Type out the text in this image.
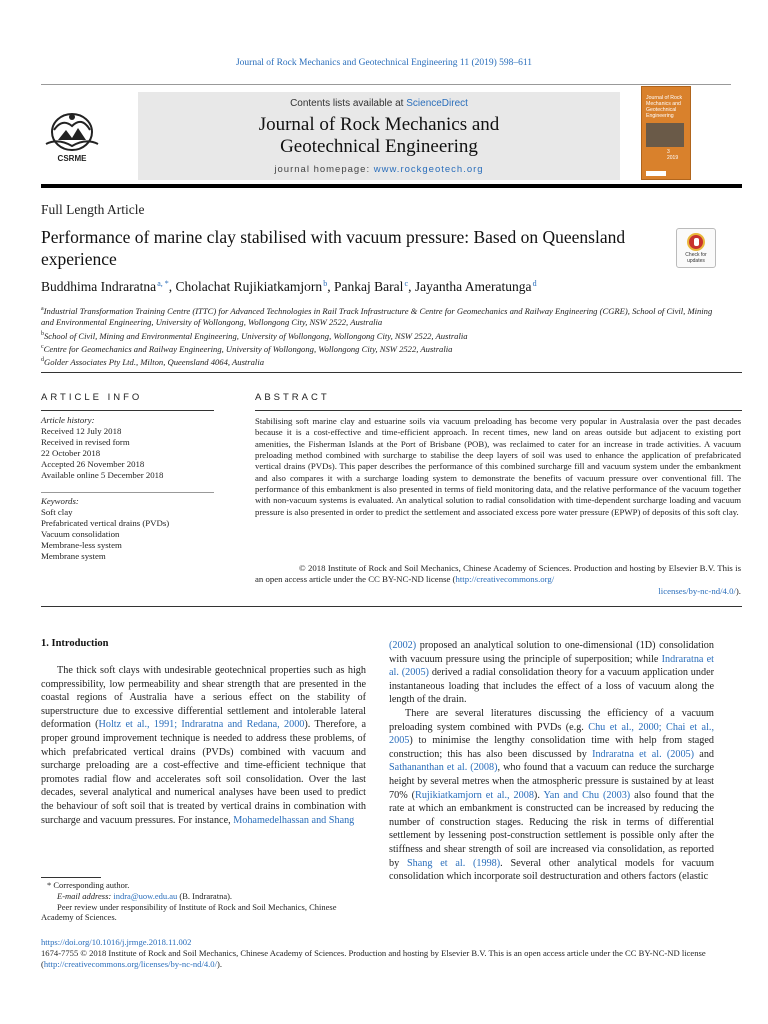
Journal of Rock Mechanics and Geotechnical Engineering 11 (2019) 598–611
CSRME
Contents lists available at ScienceDirect
Journal of Rock Mechanics and
Geotechnical Engineering
journal homepage: www.rockgeotech.org
Journal of Rock Mechanics and Geotechnical Engineering
3
2019
Full Length Article
Performance of marine clay stabilised with vacuum pressure: Based on Queensland experience	Check for updates
Buddhima Indraratna $^{a, *}$, Cholachat Rujikiatkamjorn $^b$, Pankaj Baral $^c$, Jayantha Ameratunga $^d$
$^a$Industrial Transformation Training Centre (ITTC) for Advanced Technologies in Rail Track Infrastructure & Centre for Geomechanics and Railway Engineering (CGRE), School of Civil, Mining and Environmental Engineering, University of Wollongong, Wollongong City, NSW 2522, Australia
$^b$School of Civil, Mining and Environmental Engineering, University of Wollongong, Wollongong City, NSW 2522, Australia
$^c$Centre for Geomechanics and Railway Engineering, University of Wollongong, Wollongong City, NSW 2522, Australia
$^d$Golder Associates Pty Ltd., Milton, Queensland 4064, Australia
ARTICLE INFO	ABSTRACT
Article history:
Received 12 July 2018
Received in revised form
22 October 2018
Accepted 26 November 2018
Available online 5 December 2018
Keywords:
Soft clay
Prefabricated vertical drains (PVDs)
Vacuum consolidation
Membrane-less system
Membrane system
Stabilising soft marine clay and estuarine soils via vacuum preloading has become very popular in Australasia over the past decades because it is a cost-effective and time-efficient approach. In recent times, new land on areas outside but adjacent to existing port amenities, the Fisherman Islands at the Port of Brisbane (POB), was reclaimed to cater for an increase in trade activities. A vacuum preloading method combined with surcharge to stabilise the deep layers of soil was used to enhance the application of prefabricated vertical drains (PVDs). This paper describes the performance of this combined surcharge fill and vacuum system under the embankment and also compares it with a surcharge loading system to demonstrate the benefits of vacuum pressure over conventional fill. The performance of this embankment is also presented in terms of field monitoring data, and the relative performance of the vacuum together with non-vacuum systems is evaluated. An analytical solution to radial consolidation with time-dependent surcharge loading and vacuum pressure is also presented in order to predict the settlement and associated excess pore water pressure (EPWP) of deposits of this soft clay.
© 2018 Institute of Rock and Soil Mechanics, Chinese Academy of Sciences. Production and hosting by Elsevier B.V. This is an open access article under the CC BY-NC-ND license (http://creativecommons.org/
licenses/by-nc-nd/4.0/).
1. Introduction
The thick soft clays with undesirable geotechnical properties such as high compressibility, low permeability and shear strength that are presented in the coastal regions of Australia have a serious effect on the stability of superstructure due to excessive differential settlement and intolerable lateral deformation (Holtz et al., 1991; Indraratna and Redana, 2000). Therefore, a proper ground improvement technique is needed to address these problems, of which prefabricated vertical drains (PVDs) combined with vacuum and surcharge preloading are a cost-effective and time-efficient technique that promotes radial flow and accelerates soft soil consolidation. Over the last decades, several analytical and numerical analyses have been used to predict the behaviour of soft soil that is treated by vertical drains in combination with surcharge and vacuum pressures. For instance, Mohamedelhassan and Shang

(2002) proposed an analytical solution to one-dimensional (1D) consolidation with vacuum pressure using the principle of superposition; while Indraratna et al. (2005) derived a radial consolidation theory for a vacuum application under instantaneous loading that includes the effect of a loss of vacuum along the length of the drain.

There are several literatures discussing the efficiency of a vacuum preloading system combined with PVDs (e.g. Chu et al., 2000; Chai et al., 2005) to minimise the lengthy consolidation time with help from staged construction; this has also been discussed by Indraratna et al. (2005) and Sathananthan et al. (2008), who found that a vacuum can reduce the surcharge height by several metres when the atmospheric pressure is sustained by at least 70% (Rujikiatkamjorn et al., 2008). Yan and Chu (2003) also found that the rate at which an embankment is constructed can be increased by reducing the number of construction stages. Reducing the risk in terms of differential settlement by lessening post-construction settlement is possible only after the stiffness and shear strength of soil are increased via consolidation, as reported by Shang et al. (1998). Several other analytical models for vacuum consolidation which incorporate soil destructuration and others factors (elastic

* Corresponding author.
E-mail address: indra@uow.edu.au (B. Indraratna).
Peer review under responsibility of Institute of Rock and Soil Mechanics, Chinese Academy of Sciences.
https://doi.org/10.1016/j.jrmge.2018.11.002
1674-7755 © 2018 Institute of Rock and Soil Mechanics, Chinese Academy of Sciences. Production and hosting by Elsevier B.V. This is an open access article under the CC BY-NC-ND license (http://creativecommons.org/licenses/by-nc-nd/4.0/).
